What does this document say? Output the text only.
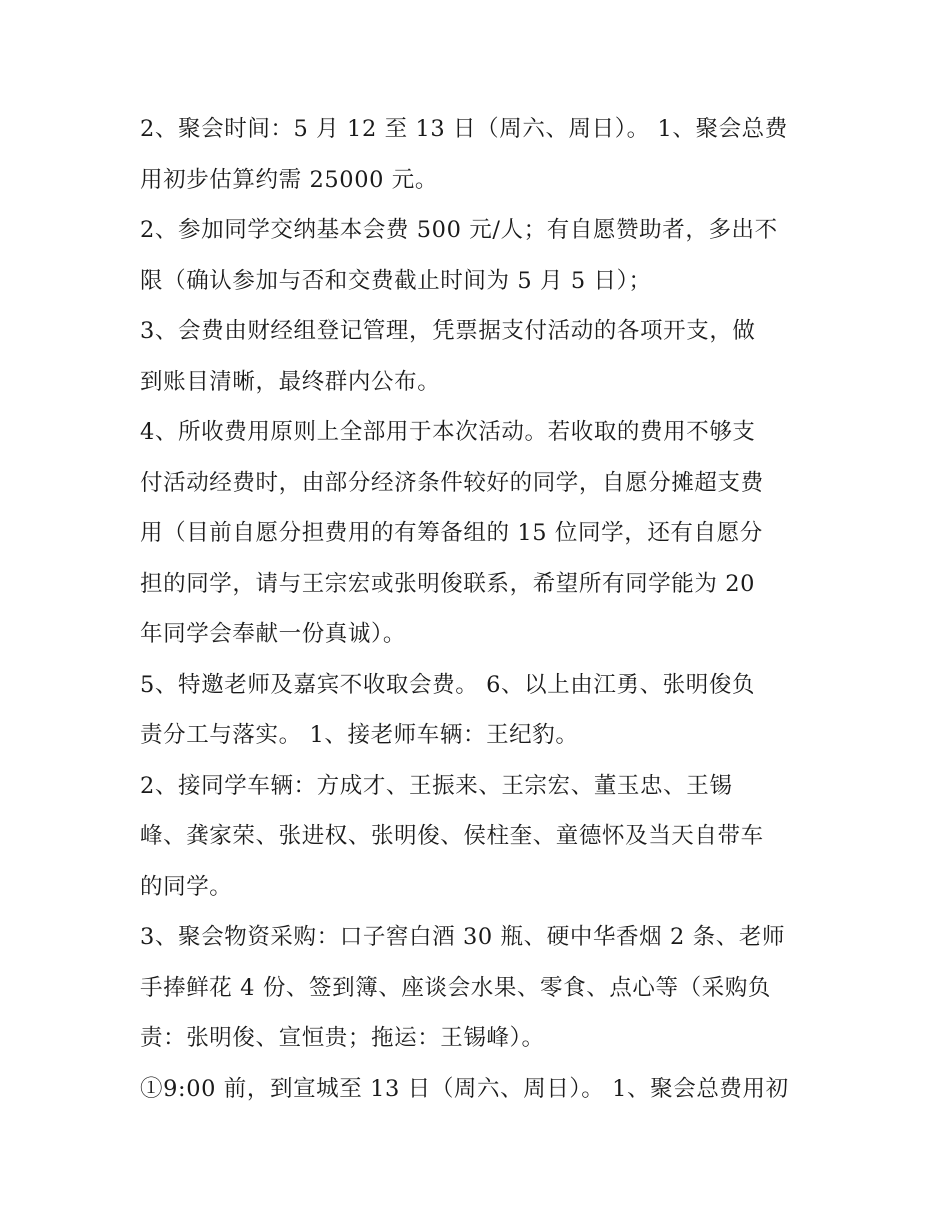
2、聚会时间：5 月 12 至 13 日（周六、周日）。 1、聚会总费
用初步估算约需 25000 元。
2、参加同学交纳基本会费 500 元/人；有自愿赞助者，多出不
限（确认参加与否和交费截止时间为 5 月 5 日）；
3、会费由财经组登记管理，凭票据支付活动的各项开支，做
到账目清晰，最终群内公布。
4、所收费用原则上全部用于本次活动。若收取的费用不够支
付活动经费时，由部分经济条件较好的同学，自愿分摊超支费
用（目前自愿分担费用的有筹备组的 15 位同学，还有自愿分
担的同学，请与王宗宏或张明俊联系，希望所有同学能为 20
年同学会奉献一份真诚）。
5、特邀老师及嘉宾不收取会费。 6、以上由江勇、张明俊负
责分工与落实。 1、接老师车辆：王纪豹。
2、接同学车辆：方成才、王振来、王宗宏、董玉忠、王锡
峰、龚家荣、张进权、张明俊、侯柱奎、童德怀及当天自带车
的同学。
3、聚会物资采购：口子窖白酒 30 瓶、硬中华香烟 2 条、老师
手捧鲜花 4 份、签到簿、座谈会水果、零食、点心等（采购负
责：张明俊、宣恒贵；拖运：王锡峰）。
①9:00 前，到宣城至 13 日（周六、周日）。 1、聚会总费用初
